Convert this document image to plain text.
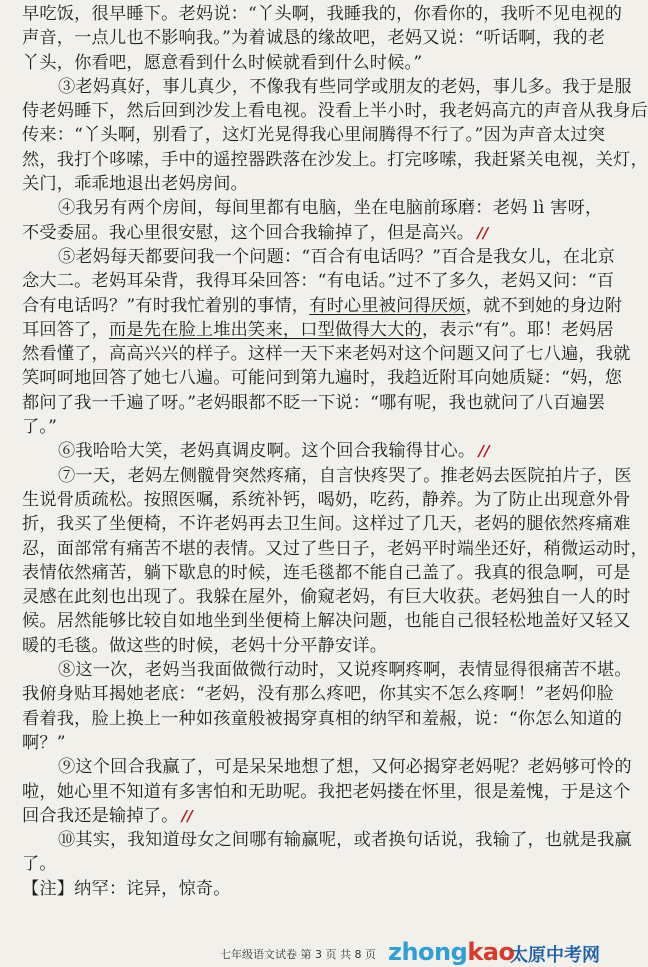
早吃饭，很早睡下。老妈说：“丫头啊，我睡我的，你看你的，我听不见电视的
声音，一点儿也不影响我。”为着诚恳的缘故吧，老妈又说：“听话啊，我的老
丫头，你看吧，愿意看到什么时候就看到什么时候。”
③老妈真好，事儿真少，不像我有些同学或朋友的老妈，事儿多。我于是服
侍老妈睡下，然后回到沙发上看电视。没看上半小时，我老妈高亢的声音从我身后
传来：“丫头啊，别看了，这灯光晃得我心里闹腾得不行了。”因为声音太过突
然，我打个哆嗦，手中的遥控器跌落在沙发上。打完哆嗦，我赶紧关电视，关灯，
关门，乖乖地退出老妈房间。
④我另有两个房间，每间里都有电脑，坐在电脑前琢磨：老妈 lì 害呀，
不受委屈。我心里很安慰，这个回合我输掉了，但是高兴。 //
⑤老妈每天都要问我一个问题：“百合有电话吗？”百合是我女儿，在北京
念大二。老妈耳朵背，我得耳朵回答：“有电话。”过不了多久，老妈又问：“百
合有电话吗？”有时我忙着别的事情，有时心里被问得厌烦，就不到她的身边附
耳回答了，而是先在脸上堆出笑来，口型做得大大的，表示“有”。耶！老妈居
然看懂了，高高兴兴的样子。这样一天下来老妈对这个问题又问了七八遍，我就
笑呵呵地回答了她七八遍。可能问到第九遍时，我趋近附耳向她质疑：“妈，您
都问了我一千遍了呀。”老妈眼都不眨一下说：“哪有呢，我也就问了八百遍罢
了。”
⑥我哈哈大笑，老妈真调皮啊。这个回合我输得甘心。 //
⑦一天，老妈左侧髋骨突然疼痛，自言快疼哭了。推老妈去医院拍片子，医
生说骨质疏松。按照医嘱，系统补钙，喝奶，吃药，静养。为了防止出现意外骨
折，我买了坐便椅，不许老妈再去卫生间。这样过了几天，老妈的腿依然疼痛难
忍，面部常有痛苦不堪的表情。又过了些日子，老妈平时端坐还好，稍微运动时，
表情依然痛苦，躺下歇息的时候，连毛毯都不能自己盖了。我真的很急啊，可是
灵感在此刻也出现了。我躲在屋外，偷窥老妈，有巨大收获。老妈独自一人的时
候。居然能够比较自如地坐到坐便椅上解决问题，也能自己很轻松地盖好又轻又
暖的毛毯。做这些的时候，老妈十分平静安详。
⑧这一次，老妈当我面做微行动时，又说疼啊疼啊，表情显得很痛苦不堪。
我俯身贴耳揭她老底：“老妈，没有那么疼吧，你其实不怎么疼啊！”老妈仰脸
看着我，脸上换上一种如孩童般被揭穿真相的纳罕和羞赧，说：“你怎么知道的
啊？”
⑨这个回合我赢了，可是呆呆地想了想，又何必揭穿老妈呢？老妈够可怜的
啦，她心里不知道有多害怕和无助呢。我把老妈搂在怀里，很是羞愧，于是这个
回合我还是输掉了。 //
⑩其实，我知道母女之间哪有输赢呢，或者换句话说，我输了，也就是我赢
了。
【注】纳罕：诧异，惊奇。
七年级语文试卷 第 3 页 共 8 页 zhongkao
太原中考网
